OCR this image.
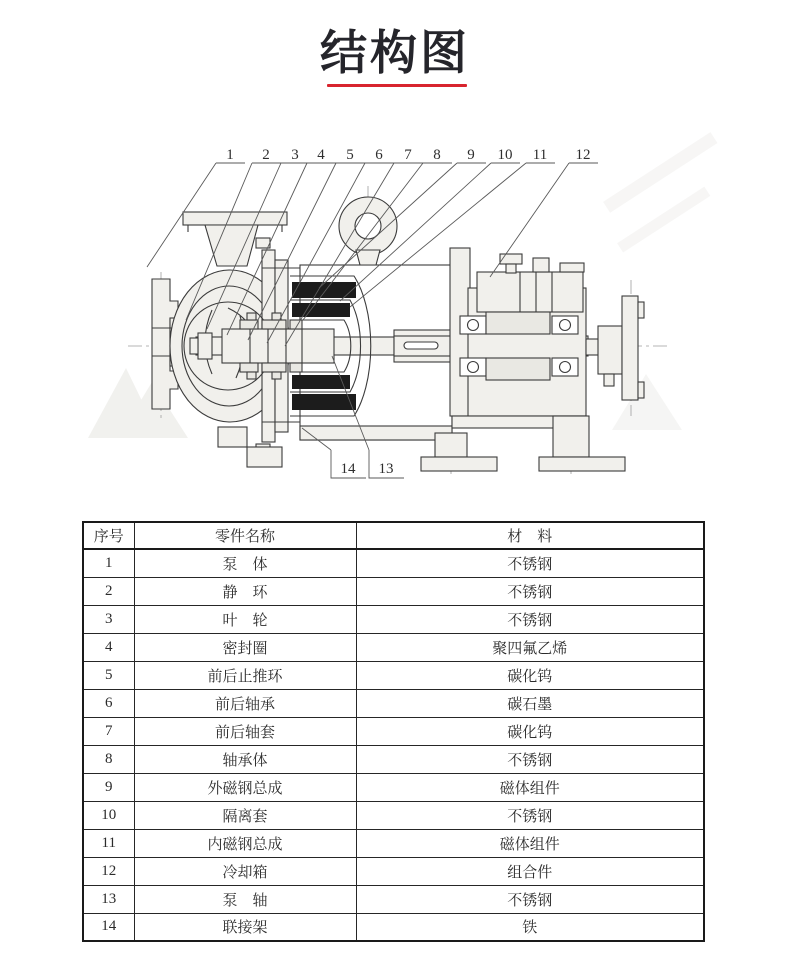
结构图
1 2 3 4 5 6 7 8 9 10 11 12
14 13
序号	零件名称	材　料
1	泵　体	不锈钢
2	静　环	不锈钢
3	叶　轮	不锈钢
4	密封圈	聚四氟乙烯
5	前后止推环	碳化钨
6	前后轴承	碳石墨
7	前后轴套	碳化钨
8	轴承体	不锈钢
9	外磁钢总成	磁体组件
10	隔离套	不锈钢
11	内磁钢总成	磁体组件
12	冷却箱	组合件
13	泵　轴	不锈钢
14	联接架	铁
